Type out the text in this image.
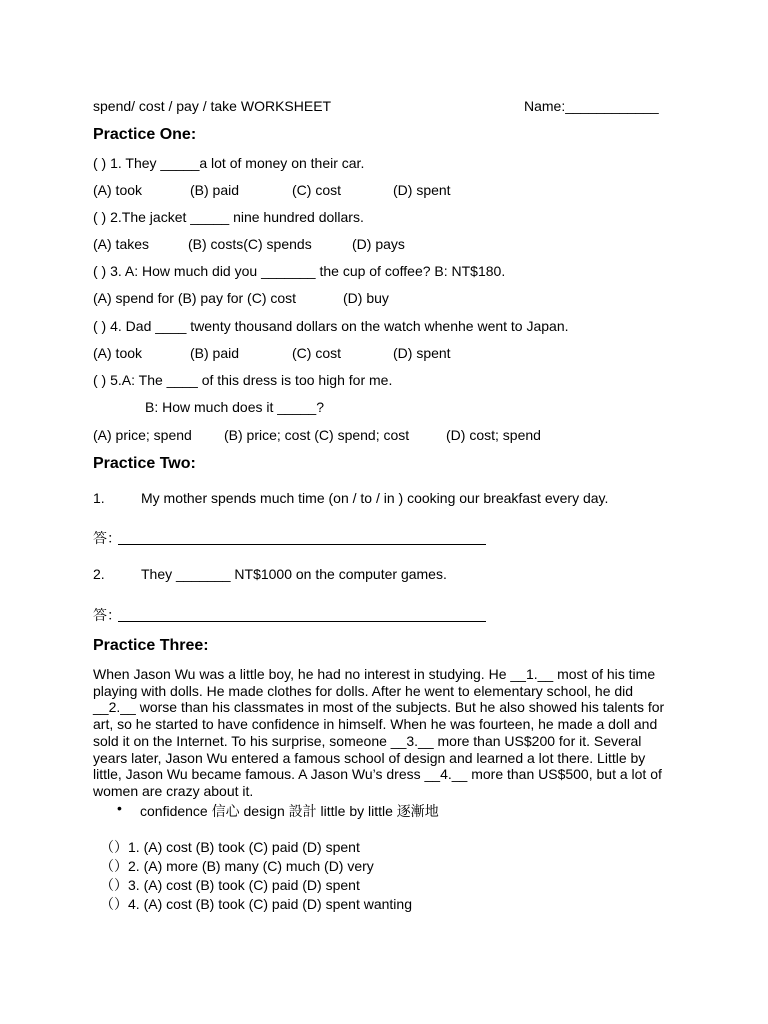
spend/ cost / pay / take WORKSHEET	Name:____________
Practice One:
( ) 1. They _____a lot of money on their car.
(A) took	(B) paid	(C) cost	(D) spent
( ) 2.The jacket _____ nine hundred dollars.
(A) takes	(B) costs(C) spends	(D) pays
( ) 3. A: How much did you _______ the cup of coffee? B: NT$180.
(A) spend for (B) pay for (C) cost	(D) buy
( ) 4. Dad ____ twenty thousand dollars on the watch whenhe went to Japan.
(A) took	(B) paid	(C) cost	(D) spent
( ) 5.A: The ____ of this dress is too high for me.
B: How much does it _____?
(A) price; spend (B) price; cost (C) spend; cost	(D) cost; spend
Practice Two:
1.	My mother spends much time (on / to / in ) cooking our breakfast every day.
答：
2.	They _______ NT$1000 on the computer games.
答：
Practice Three:
When Jason Wu was a little boy, he had no interest in studying. He __1.__ most of his time playing with dolls. He made clothes for dolls. After he went to elementary school, he did __2.__ worse than his classmates in most of the subjects. But he also showed his talents for art, so he started to have confidence in himself. When he was fourteen, he made a doll and sold it on the Internet. To his surprise, someone __3.__ more than US$200 for it. Several years later, Jason Wu entered a famous school of design and learned a lot there. Little by little, Jason Wu became famous. A Jason Wu’s dress __4.__ more than US$500, but a lot of women are crazy about it.
• confidence 信心 design 設計 little by little 逐漸地
（）1. (A) cost (B) took (C) paid (D) spent
（）2. (A) more (B) many (C) much (D) very
（）3. (A) cost (B) took (C) paid (D) spent
（）4. (A) cost (B) took (C) paid (D) spent wanting
